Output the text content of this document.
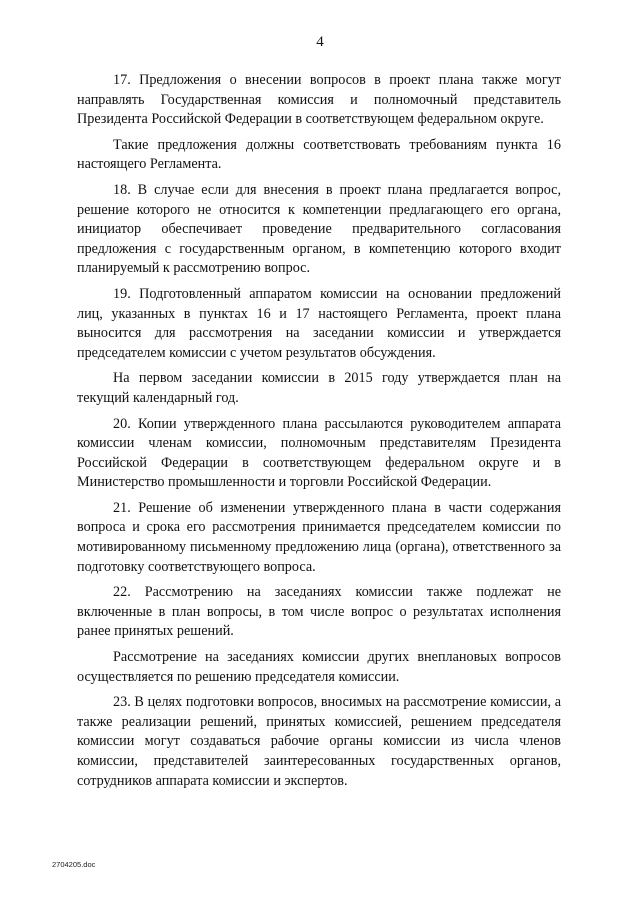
4

17. Предложения о внесении вопросов в проект плана также могут направлять Государственная комиссия и полномочный представитель Президента Российской Федерации в соответствующем федеральном округе.

Такие предложения должны соответствовать требованиям пункта 16 настоящего Регламента.

18. В случае если для внесения в проект плана предлагается вопрос, решение которого не относится к компетенции предлагающего его органа, инициатор обеспечивает проведение предварительного согласования предложения с государственным органом, в компетенцию которого входит планируемый к рассмотрению вопрос.

19. Подготовленный аппаратом комиссии на основании предложений лиц, указанных в пунктах 16 и 17 настоящего Регламента, проект плана выносится для рассмотрения на заседании комиссии и утверждается председателем комиссии с учетом результатов обсуждения.

На первом заседании комиссии в 2015 году утверждается план на текущий календарный год.

20. Копии утвержденного плана рассылаются руководителем аппарата комиссии членам комиссии, полномочным представителям Президента Российской Федерации в соответствующем федеральном округе и в Министерство промышленности и торговли Российской Федерации.

21. Решение об изменении утвержденного плана в части содержания вопроса и срока его рассмотрения принимается председателем комиссии по мотивированному письменному предложению лица (органа), ответственного за подготовку соответствующего вопроса.

22. Рассмотрению на заседаниях комиссии также подлежат не включенные в план вопросы, в том числе вопрос о результатах исполнения ранее принятых решений.

Рассмотрение на заседаниях комиссии других внеплановых вопросов осуществляется по решению председателя комиссии.

23. В целях подготовки вопросов, вносимых на рассмотрение комиссии, а также реализации решений, принятых комиссией, решением председателя комиссии могут создаваться рабочие органы комиссии из числа членов комиссии, представителей заинтересованных государственных органов, сотрудников аппарата комиссии и экспертов.

2704205.doc
